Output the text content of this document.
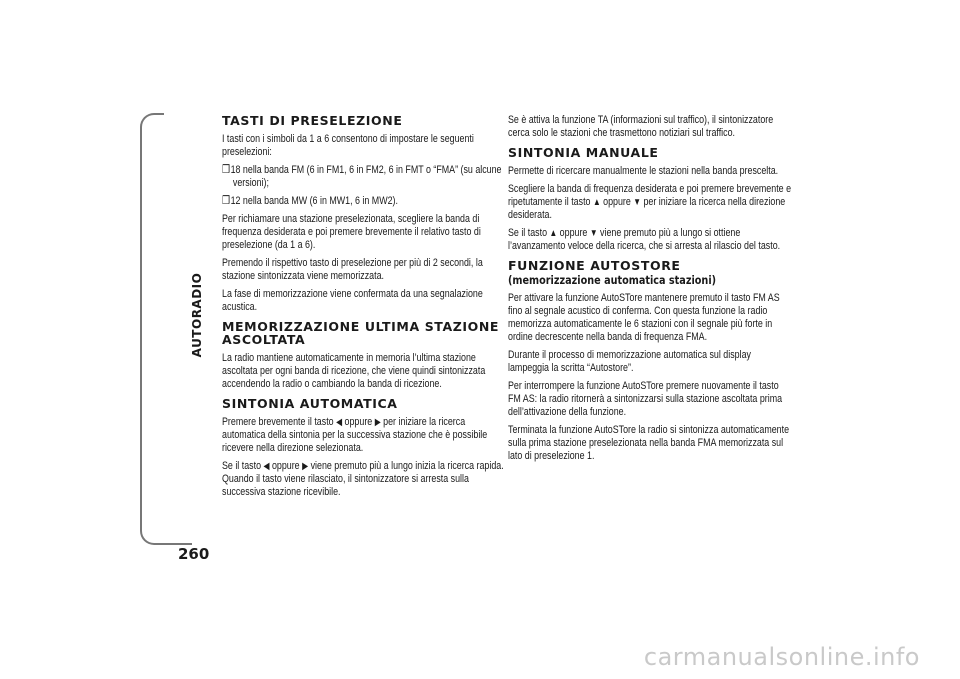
AUTORADIO
260
TASTI DI PRESELEZIONE

I tasti con i simboli da 1 a 6 consentono di impostare le seguenti preselezioni:

❒18 nella banda FM (6 in FM1, 6 in FM2, 6 in FMT o “FMA” (su alcune versioni);

❒12 nella banda MW (6 in MW1, 6 in MW2).

Per richiamare una stazione preselezionata, scegliere la banda di frequenza desiderata e poi premere brevemente il relativo tasto di preselezione (da 1 a 6).

Premendo il rispettivo tasto di preselezione per più di 2 secondi, la stazione sintonizzata viene memorizzata.

La fase di memorizzazione viene confermata da una segnalazione acustica.

MEMORIZZAZIONE ULTIMA STAZIONE ASCOLTATA

La radio mantiene automaticamente in memoria l’ultima stazione ascoltata per ogni banda di ricezione, che viene quindi sintonizzata accendendo la radio o cambiando la banda di ricezione.

SINTONIA AUTOMATICA

Premere brevemente il tasto ◀ oppure ▶ per iniziare la ricerca automatica della sintonia per la successiva stazione che è possibile ricevere nella direzione selezionata.

Se il tasto ◀ oppure ▶ viene premuto più a lungo inizia la ricerca rapida. Quando il tasto viene rilasciato, il sintonizzatore si arresta sulla successiva stazione ricevibile.

Se è attiva la funzione TA (informazioni sul traffico), il sintonizzatore cerca solo le stazioni che trasmettono notiziari sul traffico.

SINTONIA MANUALE

Permette di ricercare manualmente le stazioni nella banda prescelta.

Scegliere la banda di frequenza desiderata e poi premere brevemente e ripetutamente il tasto ▲ oppure ▼ per iniziare la ricerca nella direzione desiderata.

Se il tasto ▲ oppure ▼ viene premuto più a lungo si ottiene l’avanzamento veloce della ricerca, che si arresta al rilascio del tasto.

FUNZIONE AUTOSTORE
(memorizzazione automatica stazioni)

Per attivare la funzione AutoSTore mantenere premuto il tasto FM AS fino al segnale acustico di conferma. Con questa funzione la radio memorizza automaticamente le 6 stazioni con il segnale più forte in ordine decrescente nella banda di frequenza FMA.

Durante il processo di memorizzazione automatica sul display lampeggia la scritta “Autostore”.

Per interrompere la funzione AutoSTore premere nuovamente il tasto FM AS: la radio ritornerà a sintonizzarsi sulla stazione ascoltata prima dell’attivazione della funzione.

Terminata la funzione AutoSTore la radio si sintonizza automaticamente sulla prima stazione preselezionata nella banda FMA memorizzata sul lato di preselezione 1.

carmanualsonline.info
